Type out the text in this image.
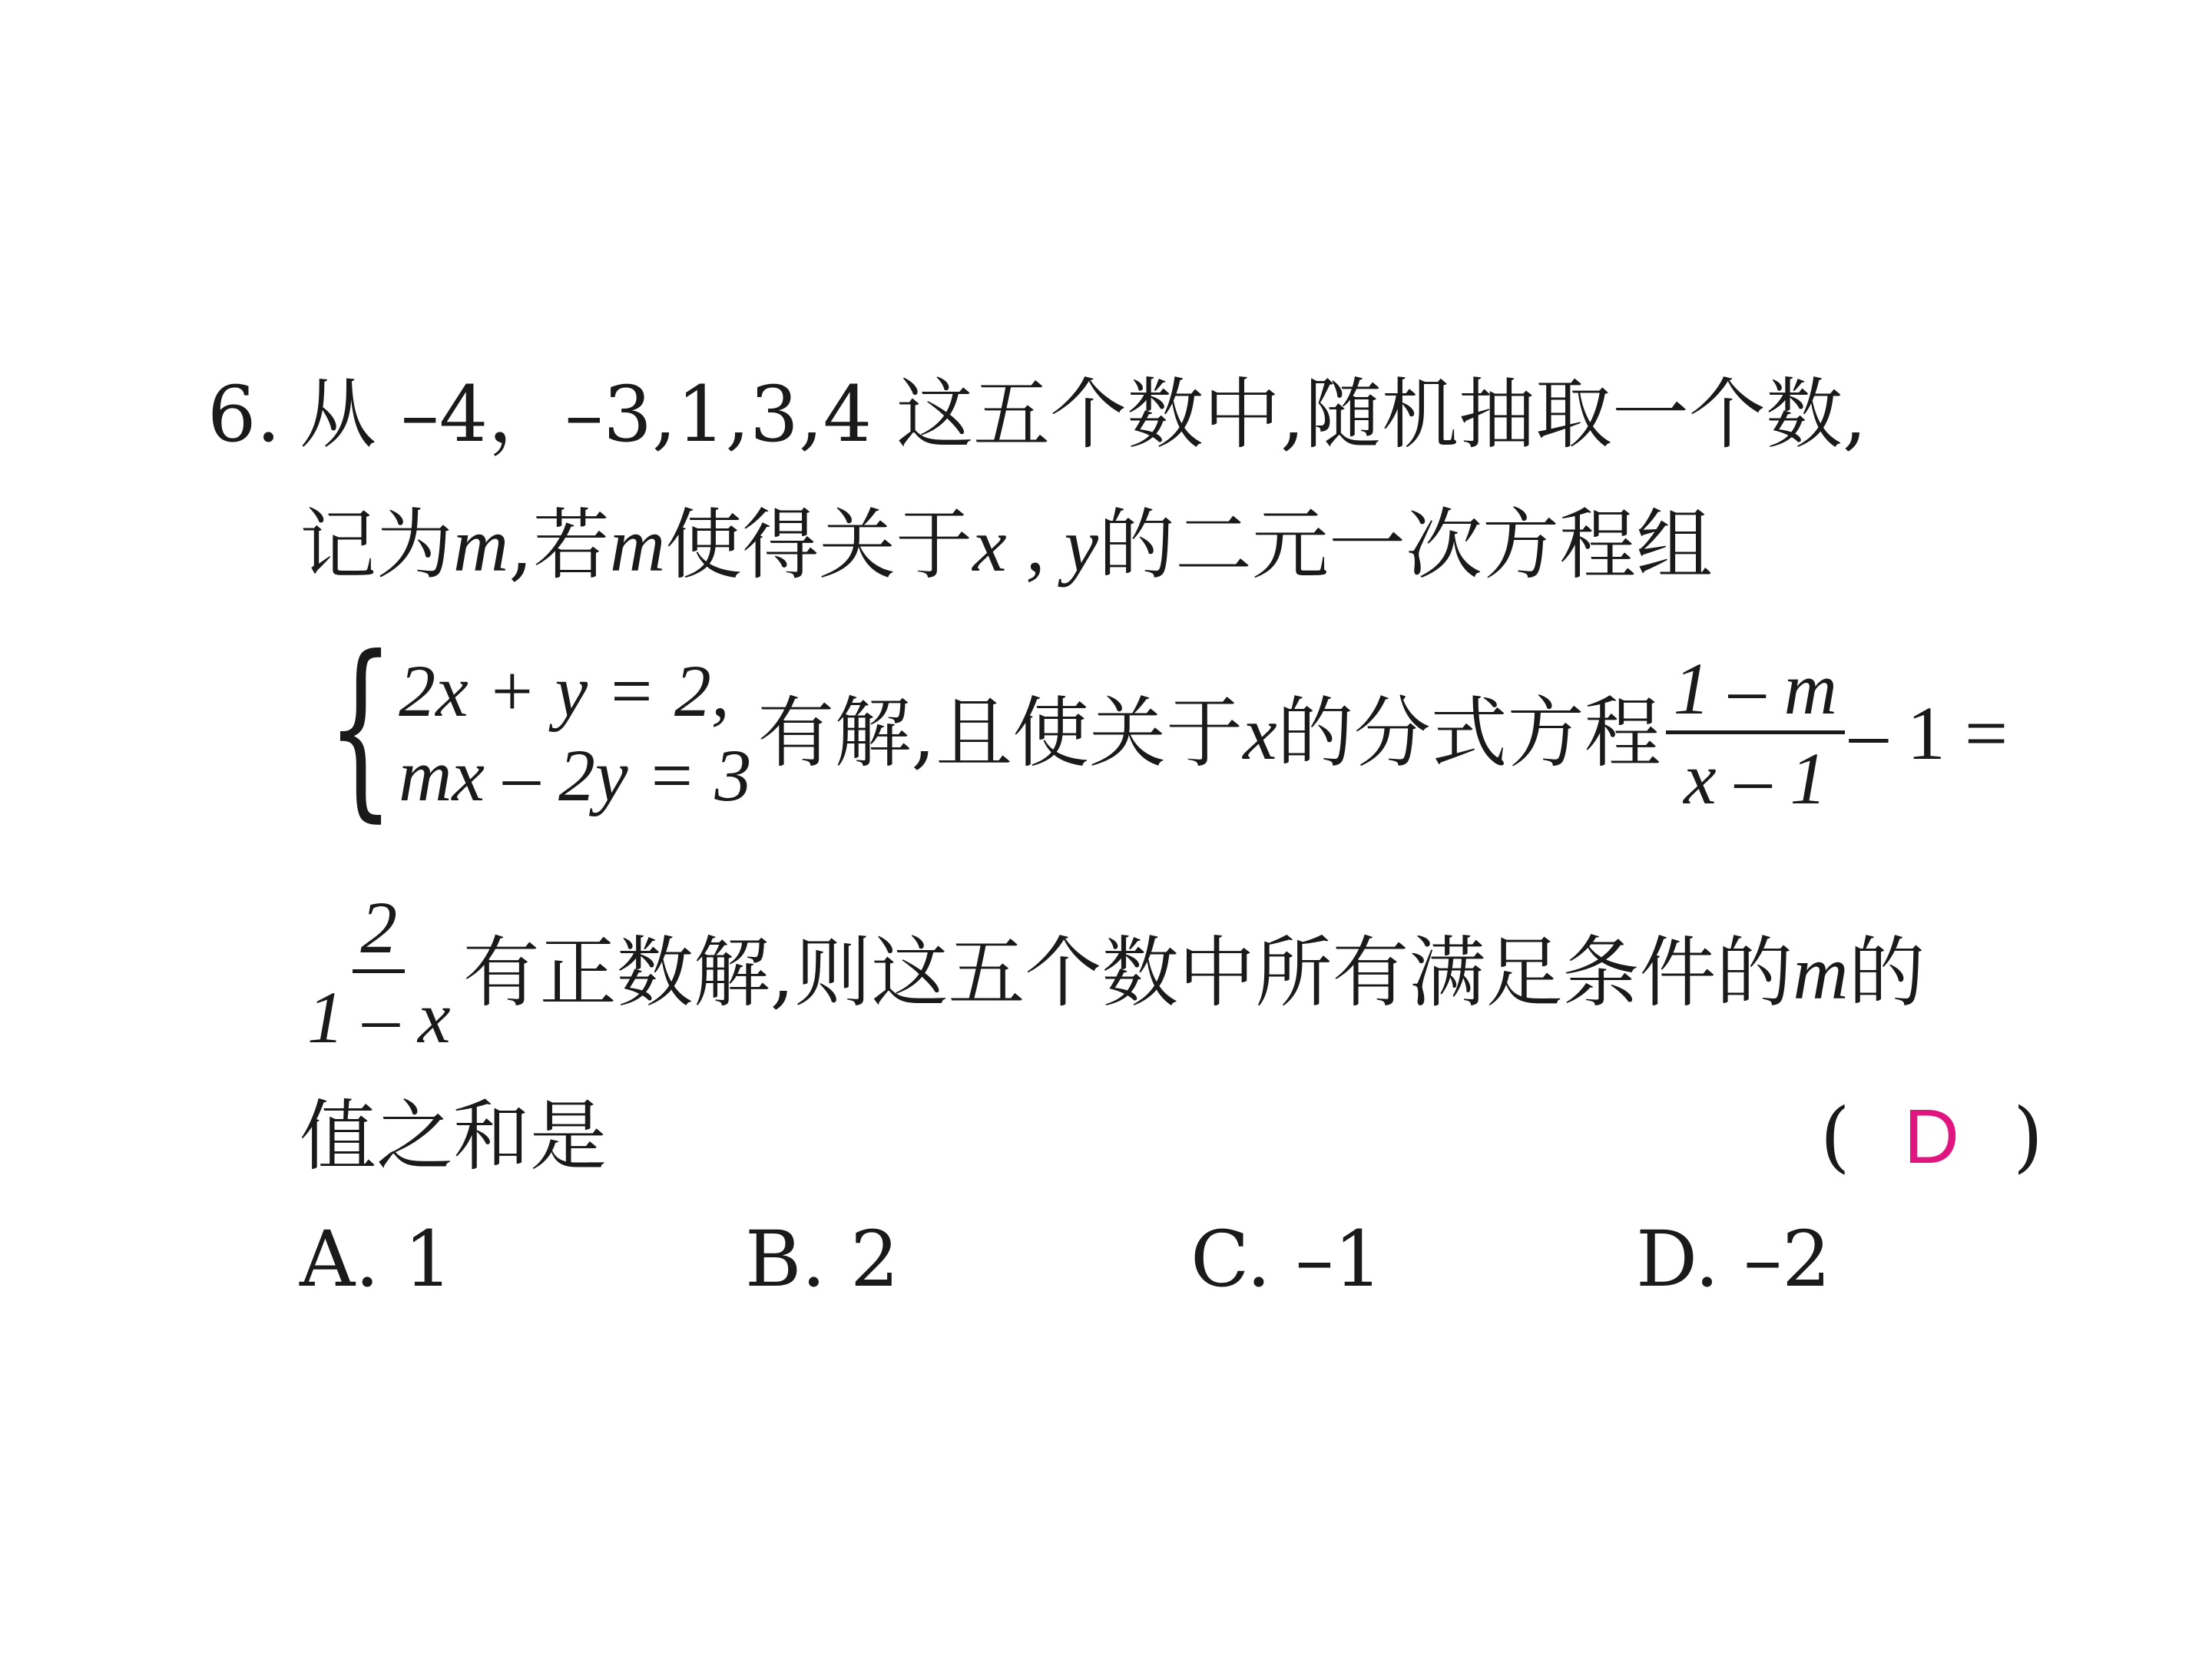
6. 从 –4，–3,1,3,4 这五个数中,随机抽取一个数,
记为 m ,若 m 使得关于 x , y 的二元一次方程组
{ 2x + y = 2,
mx – 2y = 3 有解,且使关于 x 的分式方程 $\frac{1 - m}{x - 1} - 1$ =
$\frac{2}{1 - x}$ 有正数解,则这五个数中所有满足条件的 m 的
值之和是	( D )
A. 1	B. 2	C. –1	D. –2
